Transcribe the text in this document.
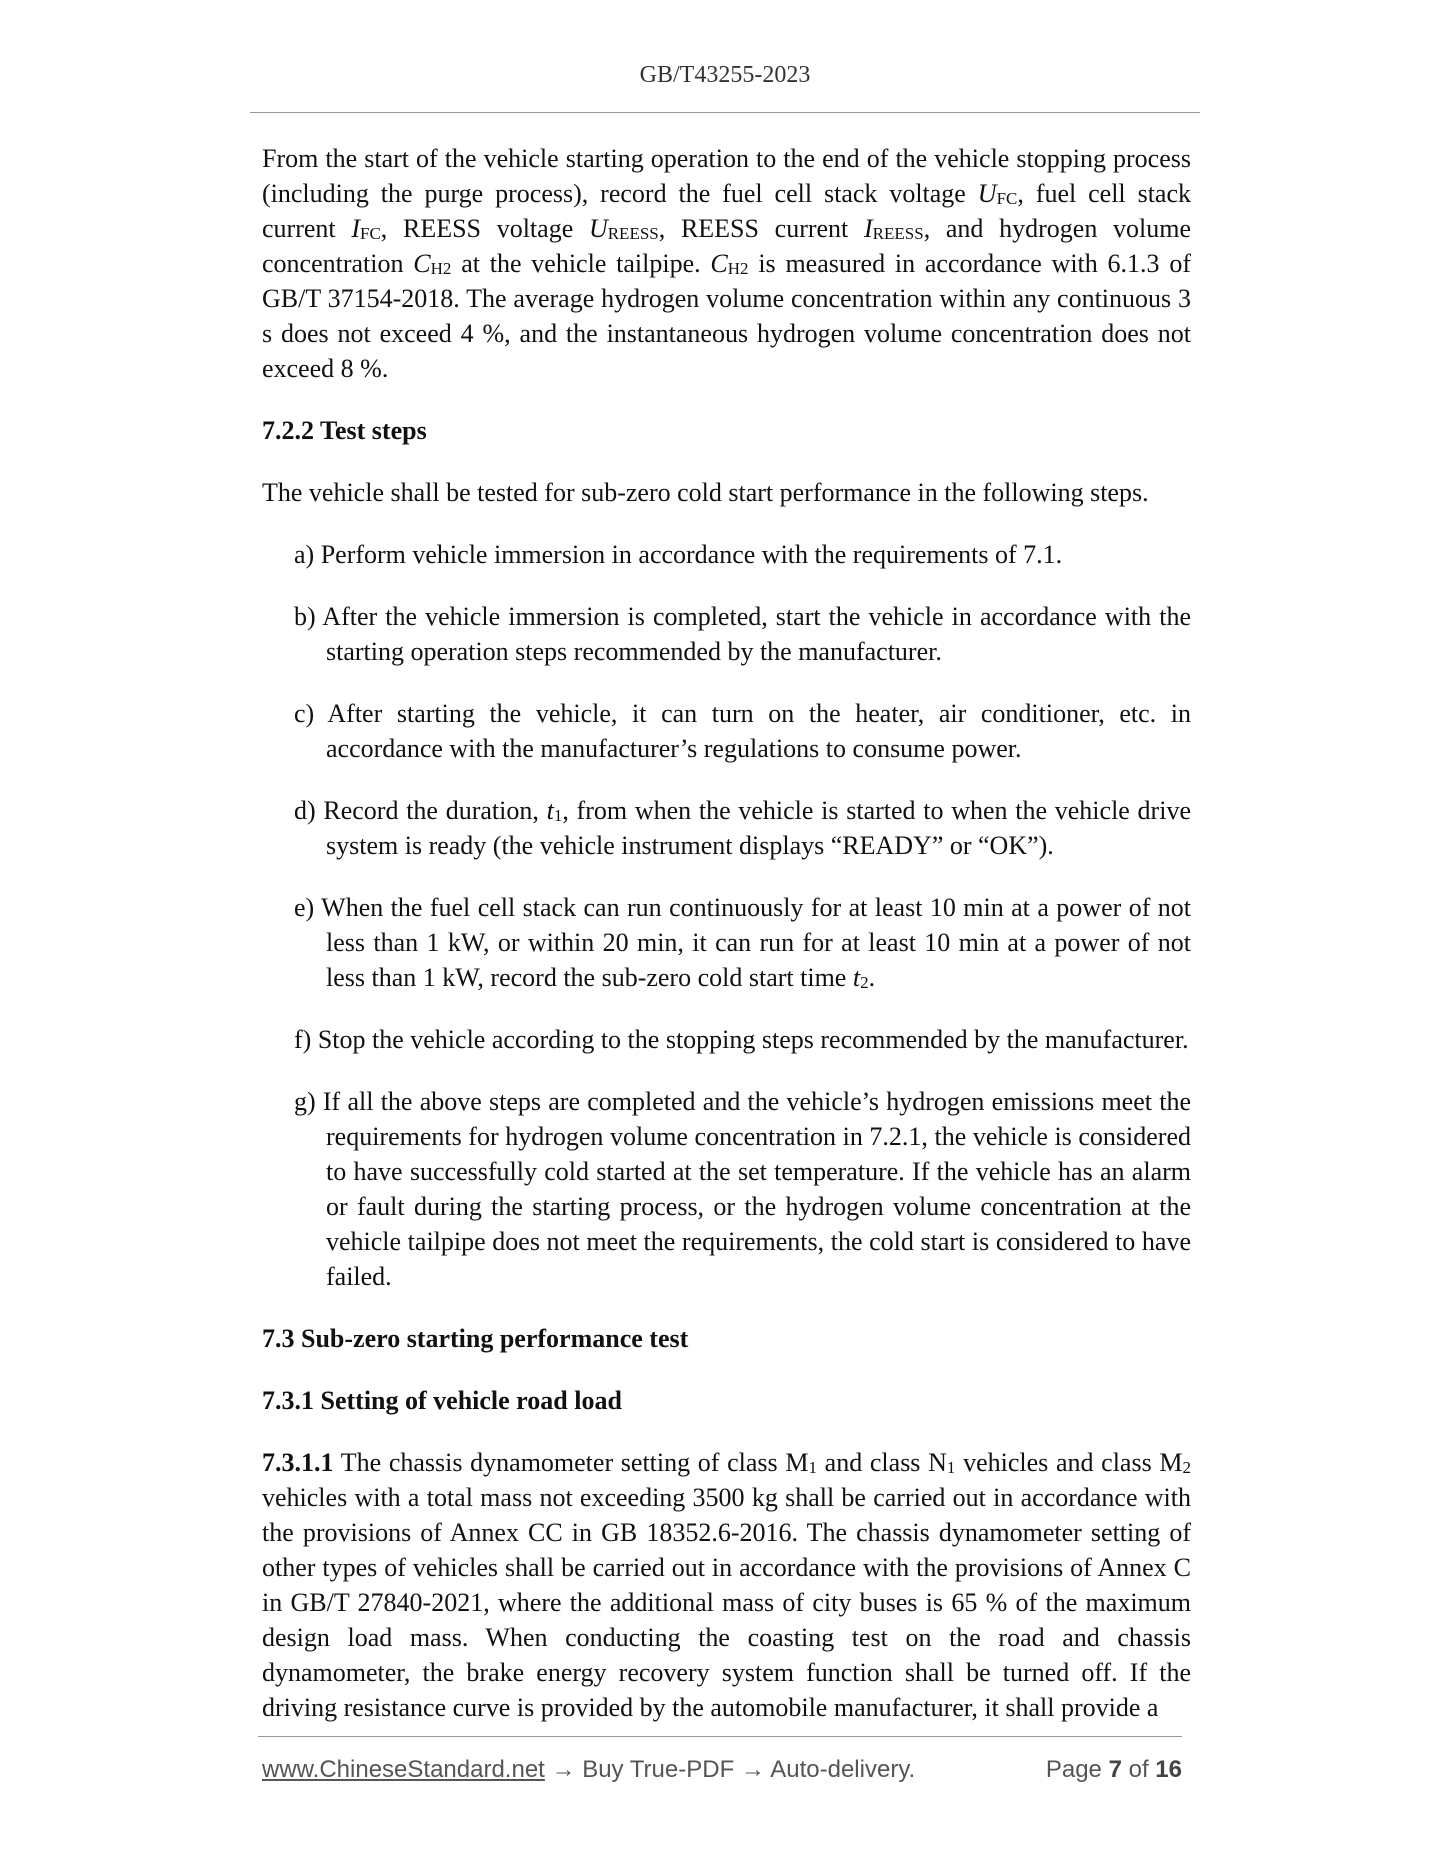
GB/T43255-2023

From the start of the vehicle starting operation to the end of the vehicle stopping process (including the purge process), record the fuel cell stack voltage $U_{FC}$, fuel cell stack current $I_{FC}$, REESS voltage $U_{REESS}$, REESS current $I_{REESS}$, and hydrogen volume concentration $C_{H2}$ at the vehicle tailpipe. $C_{H2}$ is measured in accordance with 6.1.3 of GB/T 37154-2018. The average hydrogen volume concentration within any continuous 3 s does not exceed 4 %, and the instantaneous hydrogen volume concentration does not exceed 8 %.

7.2.2 Test steps

The vehicle shall be tested for sub-zero cold start performance in the following steps.

a) Perform vehicle immersion in accordance with the requirements of 7.1.

b) After the vehicle immersion is completed, start the vehicle in accordance with the starting operation steps recommended by the manufacturer.

c) After starting the vehicle, it can turn on the heater, air conditioner, etc. in accordance with the manufacturer’s regulations to consume power.

d) Record the duration, $t_1$, from when the vehicle is started to when the vehicle drive system is ready (the vehicle instrument displays “READY” or “OK”).

e) When the fuel cell stack can run continuously for at least 10 min at a power of not less than 1 kW, or within 20 min, it can run for at least 10 min at a power of not less than 1 kW, record the sub-zero cold start time $t_2$.

f) Stop the vehicle according to the stopping steps recommended by the manufacturer.

g) If all the above steps are completed and the vehicle’s hydrogen emissions meet the requirements for hydrogen volume concentration in 7.2.1, the vehicle is considered to have successfully cold started at the set temperature. If the vehicle has an alarm or fault during the starting process, or the hydrogen volume concentration at the vehicle tailpipe does not meet the requirements, the cold start is considered to have failed.

7.3 Sub-zero starting performance test

7.3.1 Setting of vehicle road load

7.3.1.1 The chassis dynamometer setting of class $M_1$ and class $N_1$ vehicles and class $M_2$ vehicles with a total mass not exceeding 3500 kg shall be carried out in accordance with the provisions of Annex CC in GB 18352.6-2016. The chassis dynamometer setting of other types of vehicles shall be carried out in accordance with the provisions of Annex C in GB/T 27840-2021, where the additional mass of city buses is 65 % of the maximum design load mass. When conducting the coasting test on the road and chassis dynamometer, the brake energy recovery system function shall be turned off. If the driving resistance curve is provided by the automobile manufacturer, it shall provide a

www.ChineseStandard.net → Buy True-PDF → Auto-delivery.	Page 7 of 16
